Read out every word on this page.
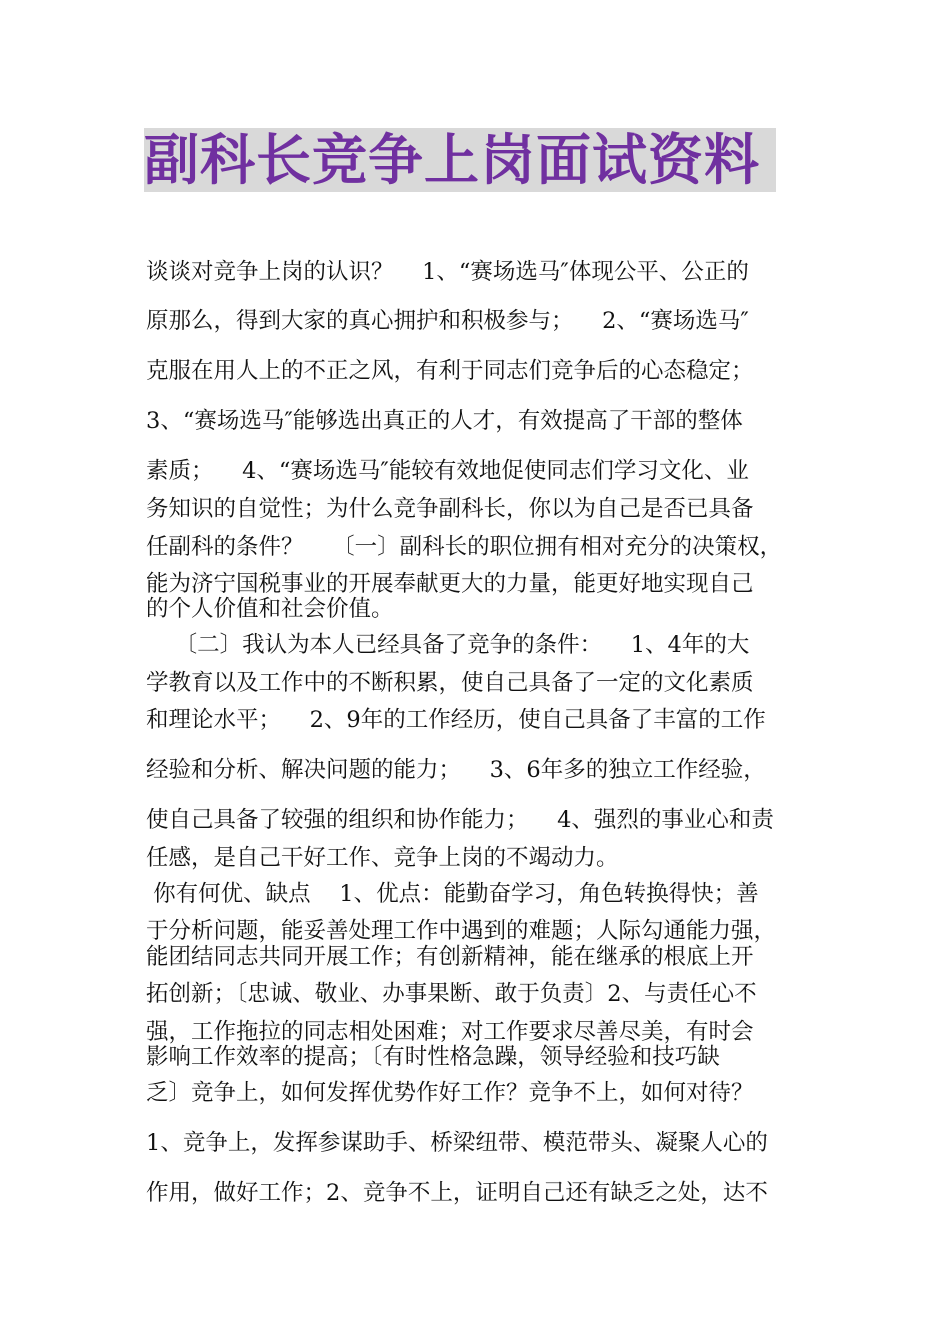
副科长竞争上岗面试资料
谈谈对竞争上岗的认识？    1、“赛场选马″体现公平、公正的
原那么，得到大家的真心拥护和积极参与；    2、“赛场选马″
克服在用人上的不正之风，有利于同志们竞争后的心态稳定；
3、“赛场选马″能够选出真正的人才，有效提高了干部的整体
素质；    4、“赛场选马″能较有效地促使同志们学习文化、业
务知识的自觉性；为什么竞争副科长，你以为自己是否已具备
任副科的条件？    〔一〕副科长的职位拥有相对充分的决策权，
能为济宁国税事业的开展奉献更大的力量，能更好地实现自己
的个人价值和社会价值。
〔二〕我认为本人已经具备了竞争的条件：    1、4年的大
学教育以及工作中的不断积累，使自己具备了一定的文化素质
和理论水平；    2、9年的工作经历，使自己具备了丰富的工作
经验和分析、解决问题的能力；    3、6年多的独立工作经验，
使自己具备了较强的组织和协作能力；    4、强烈的事业心和责
任感，是自己干好工作、竞争上岗的不竭动力。
你有何优、缺点    1、优点：能勤奋学习，角色转换得快；善
于分析问题，能妥善处理工作中遇到的难题；人际勾通能力强，
能团结同志共同开展工作；有创新精神，能在继承的根底上开
拓创新；〔忠诚、敬业、办事果断、敢于负责〕2、与责任心不
强，工作拖拉的同志相处困难；对工作要求尽善尽美，有时会
影响工作效率的提高；〔有时性格急躁，领导经验和技巧缺
乏〕竞争上，如何发挥优势作好工作？竞争不上，如何对待？
1、竞争上，发挥参谋助手、桥梁纽带、模范带头、凝聚人心的
作用，做好工作；2、竞争不上，证明自己还有缺乏之处，达不
